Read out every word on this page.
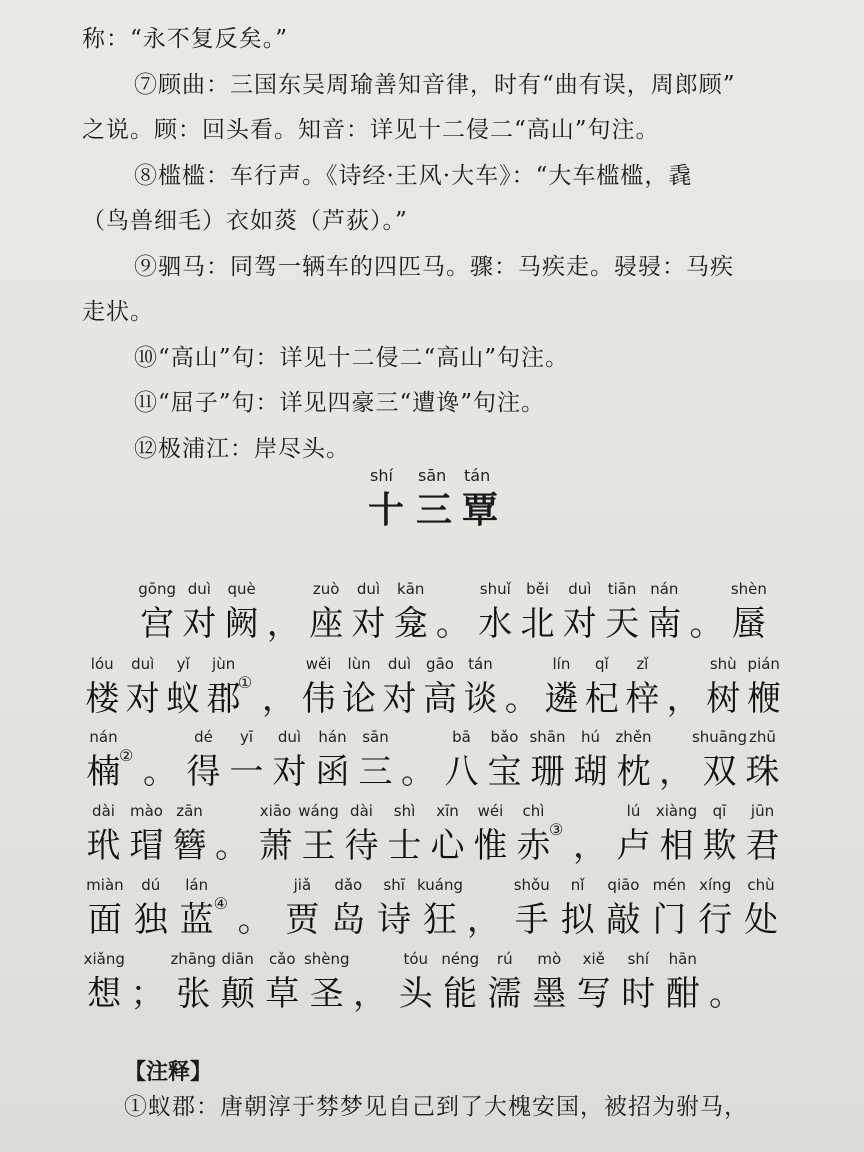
称：“永不复反矣。”
⑦顾曲：三国东吴周瑜善知音律，时有“曲有误，周郎顾”
之说。顾：回头看。知音：详见十二侵二“高山”句注。
⑧槛槛：车行声。《诗经·王风·大车》：“大车槛槛，毳
（鸟兽细毛）衣如菼（芦荻）。”
⑨驷马：同驾一辆车的四匹马。骤：马疾走。骎骎：马疾
走状。
⑩“高山”句：详见十二侵二“高山”句注。
⑪“屈子”句：详见四豪三“遭谗”句注。
⑫极浦江：岸尽头。
shí
十
sān
三
tán
覃
gōng
宫
duì
对
què
阙 ，
zuò
座
duì
对
kān
龛 。
shuǐ
水
běi
北
duì
对
tiān
天
nán
南 。
shèn
蜃
lóu
楼
duì
对
yǐ
蚁
jùn
郡
① ，
wěi
伟
lùn
论
duì
对
gāo
高
tán
谈 。
lín
遴
qǐ
杞
zǐ
梓 ，
shù
树
pián
楩
nán
楠
② 。
dé
得
yī
一
duì
对
hán
函
sān
三 。
bā
八
bǎo
宝
shān
珊
hú
瑚
zhěn
枕 ，
shuāng
双
zhū
珠
dài
玳
mào
瑁
zān
簪 。
xiāo
萧
wáng
王
dài
待
shì
士
xīn
心
wéi
惟
chì
赤
③ ，
lú
卢
xiàng
相
qī
欺
jūn
君
miàn
面
dú
独
lán
蓝 ④ 。
jiǎ
贾
dǎo
岛
shī
诗
kuáng
狂 ，
shǒu
手
nǐ
拟
qiāo
敲
mén
门
xíng
行
chù
处
xiǎng
想 ；
zhāng
张
diān
颠
cǎo
草
shèng
圣 ，
tóu
头
néng
能
rú
濡
mò
墨
xiě
写
shí
时
hān
酣 。
【注释】
①蚁郡：唐朝淳于棼梦见自己到了大槐安国，被招为驸马，
